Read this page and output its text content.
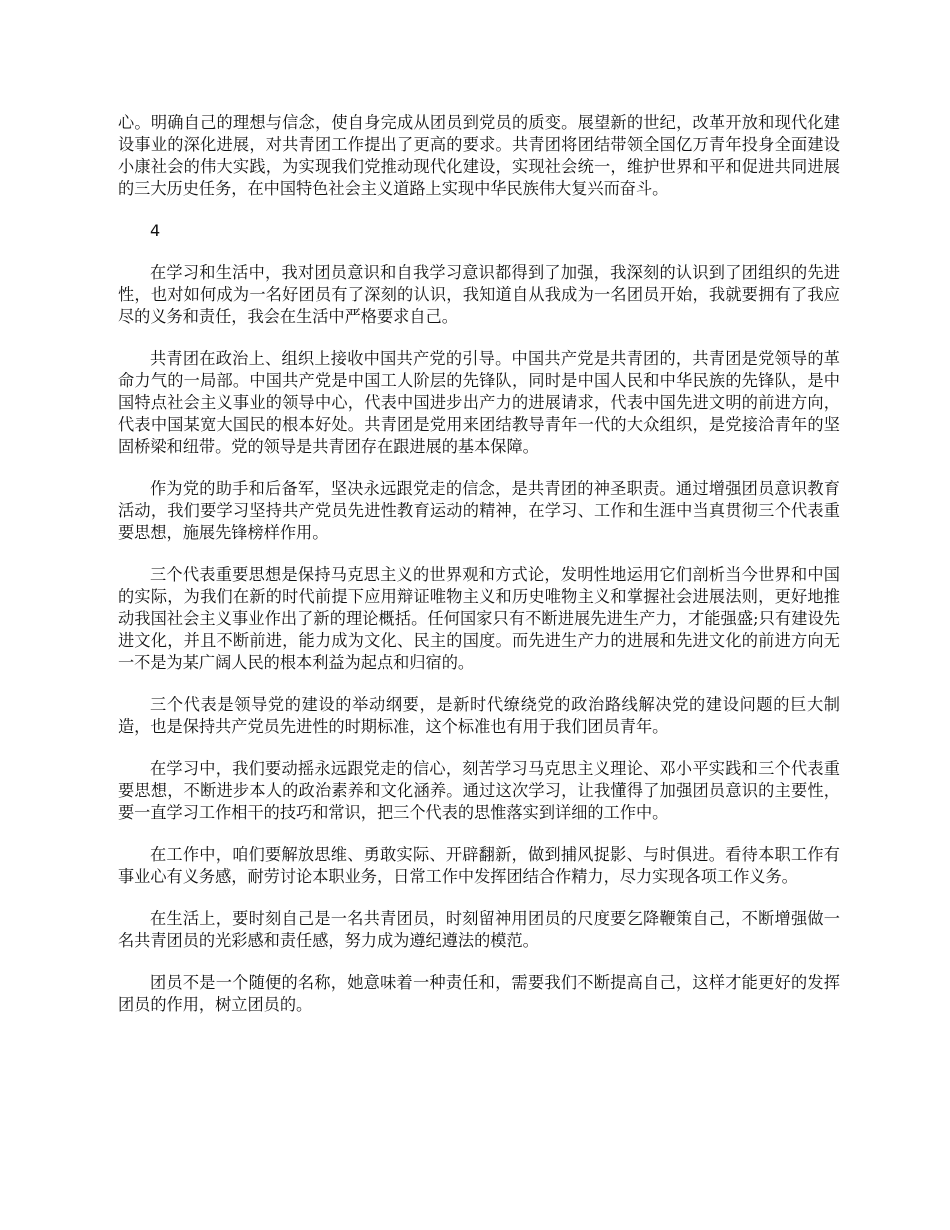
心。明确自己的理想与信念，使自身完成从团员到党员的质变。展望新的世纪，改革开放和现代化建设事业的深化进展，对共青团工作提出了更高的要求。共青团将团结带领全国亿万青年投身全面建设小康社会的伟大实践，为实现我们党推动现代化建设，实现社会统一，维护世界和平和促进共同进展的三大历史任务，在中国特色社会主义道路上实现中华民族伟大复兴而奋斗。

4

在学习和生活中，我对团员意识和自我学习意识都得到了加强，我深刻的认识到了团组织的先进性，也对如何成为一名好团员有了深刻的认识，我知道自从我成为一名团员开始，我就要拥有了我应尽的义务和责任，我会在生活中严格要求自己。

共青团在政治上、组织上接收中国共产党的引导。中国共产党是共青团的，共青团是党领导的革命力气的一局部。中国共产党是中国工人阶层的先锋队，同时是中国人民和中华民族的先锋队，是中国特点社会主义事业的领导中心，代表中国进步出产力的进展请求，代表中国先进文明的前进方向，代表中国某宽大国民的根本好处。共青团是党用来团结教导青年一代的大众组织，是党接洽青年的坚固桥梁和纽带。党的领导是共青团存在跟进展的基本保障。

作为党的助手和后备军，坚决永远跟党走的信念，是共青团的神圣职责。通过增强团员意识教育活动，我们要学习坚持共产党员先进性教育运动的精神，在学习、工作和生涯中当真贯彻三个代表重要思想，施展先锋榜样作用。

三个代表重要思想是保持马克思主义的世界观和方式论，发明性地运用它们剖析当今世界和中国的实际，为我们在新的时代前提下应用辩证唯物主义和历史唯物主义和掌握社会进展法则，更好地推动我国社会主义事业作出了新的理论概括。任何国家只有不断进展先进生产力，才能强盛;只有建设先进文化，并且不断前进，能力成为文化、民主的国度。而先进生产力的进展和先进文化的前进方向无一不是为某广阔人民的根本利益为起点和归宿的。

三个代表是领导党的建设的举动纲要，是新时代缭绕党的政治路线解决党的建设问题的巨大制造，也是保持共产党员先进性的时期标准，这个标准也有用于我们团员青年。

在学习中，我们要动摇永远跟党走的信心，刻苦学习马克思主义理论、邓小平实践和三个代表重要思想，不断进步本人的政治素养和文化涵养。通过这次学习，让我懂得了加强团员意识的主要性，要一直学习工作相干的技巧和常识，把三个代表的思惟落实到详细的工作中。

在工作中，咱们要解放思维、勇敢实际、开辟翻新，做到捕风捉影、与时俱进。看待本职工作有事业心有义务感，耐劳讨论本职业务，日常工作中发挥团结合作精力，尽力实现各项工作义务。

在生活上，要时刻自己是一名共青团员，时刻留神用团员的尺度要乞降鞭策自己，不断增强做一名共青团员的光彩感和责任感，努力成为遵纪遵法的模范。

团员不是一个随便的名称，她意味着一种责任和，需要我们不断提高自己，这样才能更好的发挥团员的作用，树立团员的。
